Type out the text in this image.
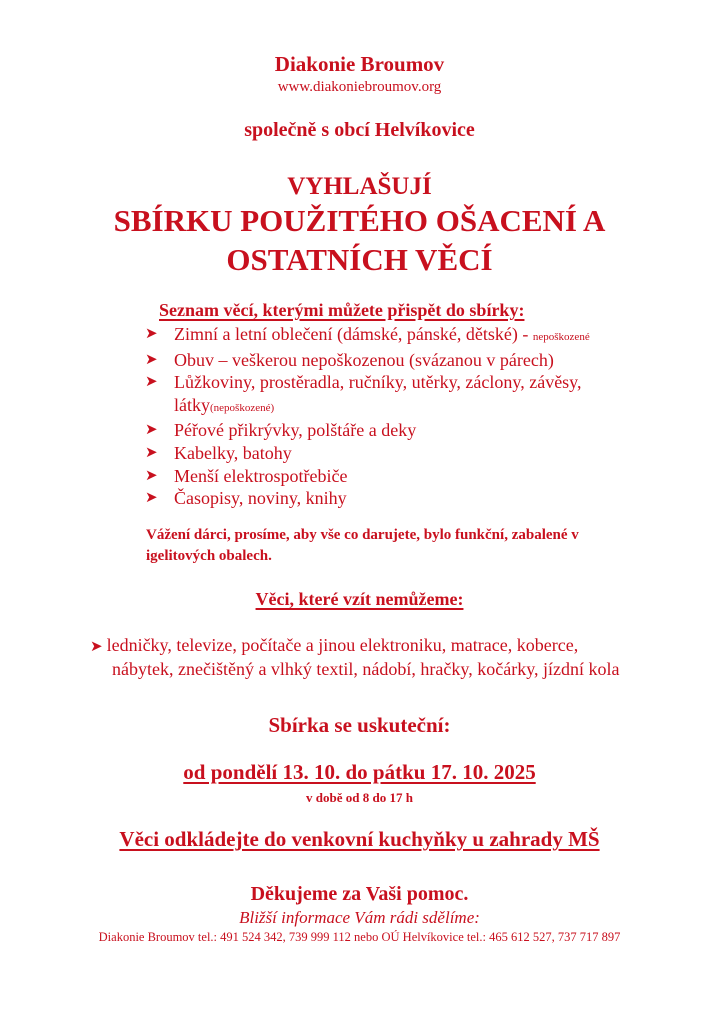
Diakonie Broumov
www.diakoniebroumov.org
společně s obcí Helvíkovice
VYHLAŠUJÍ
SBÍRKU POUŽITÉHO OŠACENÍ A
OSTATNÍCH VĚCÍ
Seznam věcí, kterými můžete přispět do sbírky:
➤ Zimní a letní oblečení (dámské, pánské, dětské) - nepoškozené
➤ Obuv – veškerou nepoškozenou (svázanou v párech)
➤ Lůžkoviny, prostěradla, ručníky, utěrky, záclony, závěsy, látky(nepoškozené)
➤ Péřové přikrývky, polštáře a deky
➤ Kabelky, batohy
➤ Menší elektrospotřebiče
➤ Časopisy, noviny, knihy
Vážení dárci, prosíme, aby vše co darujete, bylo funkční, zabalené v igelitových obalech.
Věci, které vzít nemůžeme:
➤ ledničky, televize, počítače a jinou elektroniku, matrace, koberce,
nábytek, znečištěný a vlhký textil, nádobí, hračky, kočárky, jízdní kola
Sbírka se uskuteční:
od pondělí 13. 10. do pátku 17. 10. 2025
v době od 8 do 17 h
Věci odkládejte do venkovní kuchyňky u zahrady MŠ
Děkujeme za Vaši pomoc.
Bližší informace Vám rádi sdělíme:
Diakonie Broumov tel.: 491 524 342, 739 999 112 nebo OÚ Helvíkovice tel.: 465 612 527, 737 717 897
